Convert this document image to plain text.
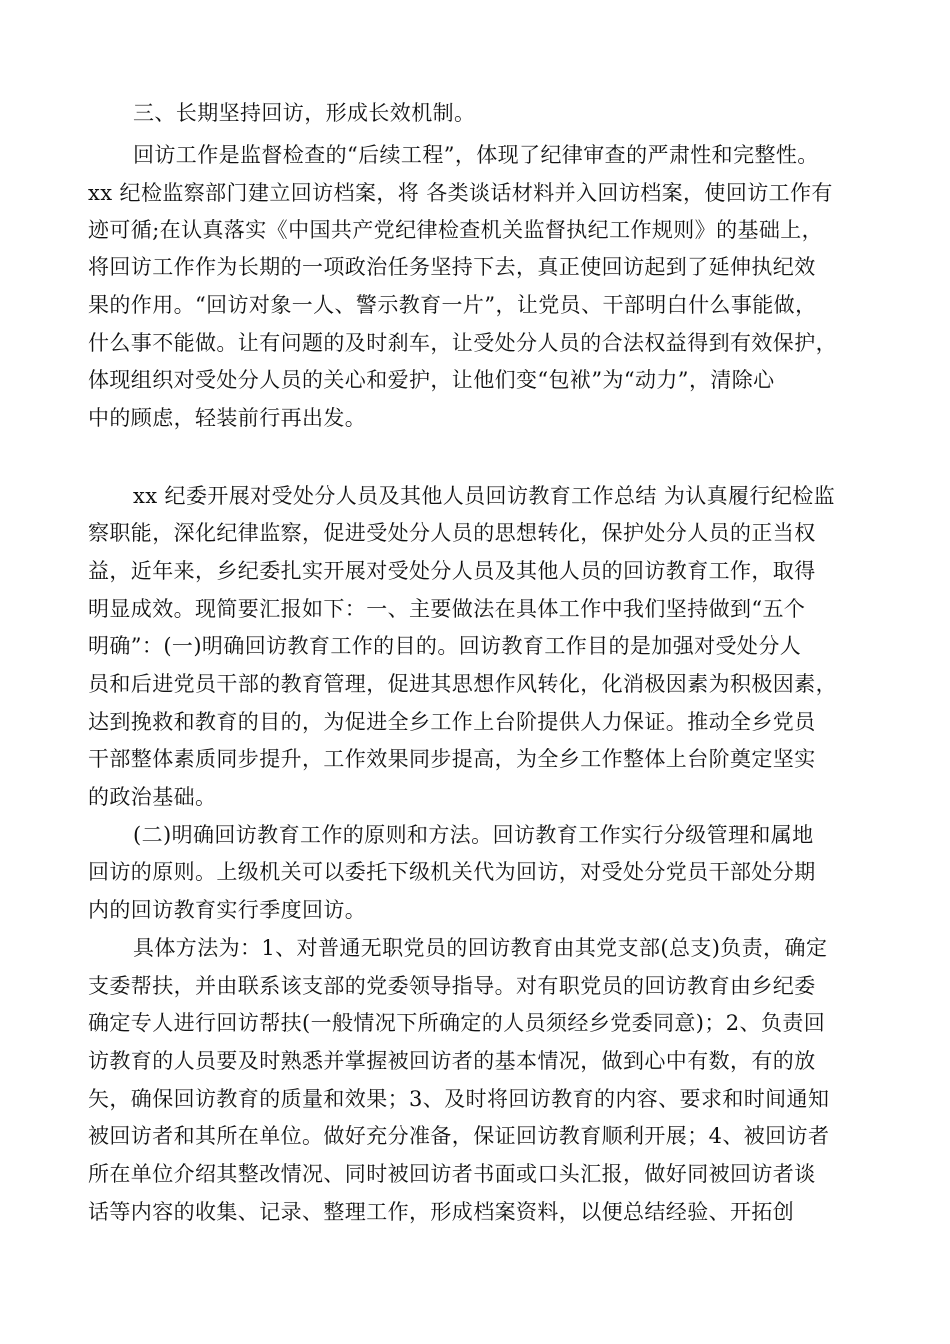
三、长期坚持回访，形成长效机制。
回访工作是监督检查的“后续工程”，体现了纪律审查的严肃性和完整性。
xx 纪检监察部门建立回访档案，将 各类谈话材料并入回访档案，使回访工作有
迹可循;在认真落实《中国共产党纪律检查机关监督执纪工作规则》的基础上，
将回访工作作为长期的一项政治任务坚持下去，真正使回访起到了延伸执纪效
果的作用。“回访对象一人、警示教育一片”，让党员、干部明白什么事能做，
什么事不能做。让有问题的及时刹车，让受处分人员的合法权益得到有效保护，
体现组织对受处分人员的关心和爱护，让他们变“包袱”为“动力”，清除心
中的顾虑，轻装前行再出发。
xx 纪委开展对受处分人员及其他人员回访教育工作总结 为认真履行纪检监
察职能，深化纪律监察，促进受处分人员的思想转化，保护处分人员的正当权
益，近年来，乡纪委扎实开展对受处分人员及其他人员的回访教育工作，取得
明显成效。现简要汇报如下：一、主要做法在具体工作中我们坚持做到“五个
明确”：(一)明确回访教育工作的目的。回访教育工作目的是加强对受处分人
员和后进党员干部的教育管理，促进其思想作风转化，化消极因素为积极因素，
达到挽救和教育的目的，为促进全乡工作上台阶提供人力保证。推动全乡党员
干部整体素质同步提升，工作效果同步提高，为全乡工作整体上台阶奠定坚实
的政治基础。
(二)明确回访教育工作的原则和方法。回访教育工作实行分级管理和属地
回访的原则。上级机关可以委托下级机关代为回访，对受处分党员干部处分期
内的回访教育实行季度回访。
具体方法为：1、对普通无职党员的回访教育由其党支部(总支)负责，确定
支委帮扶，并由联系该支部的党委领导指导。对有职党员的回访教育由乡纪委
确定专人进行回访帮扶(一般情况下所确定的人员须经乡党委同意)；2、负责回
访教育的人员要及时熟悉并掌握被回访者的基本情况，做到心中有数，有的放
矢，确保回访教育的质量和效果；3、及时将回访教育的内容、要求和时间通知
被回访者和其所在单位。做好充分准备，保证回访教育顺利开展；4、被回访者
所在单位介绍其整改情况、同时被回访者书面或口头汇报，做好同被回访者谈
话等内容的收集、记录、整理工作，形成档案资料，以便总结经验、开拓创
